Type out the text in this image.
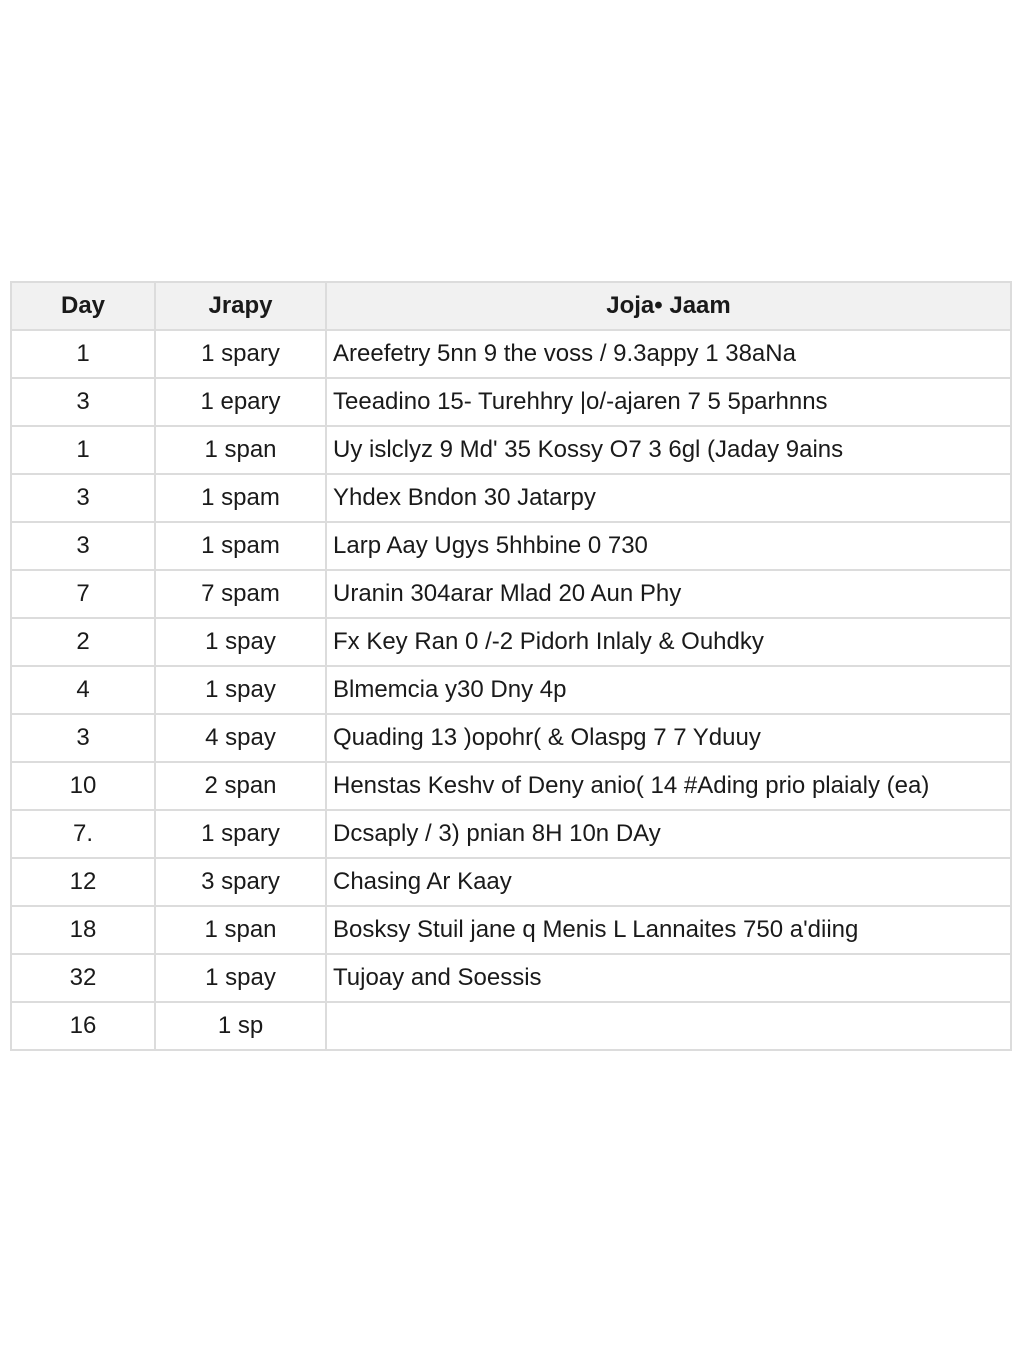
Day	Jrapy	Joja• Jaam
1	1 spary	Areefetry 5nn 9 the voss / 9.3appy 1 38aNa
3	1 epary	Teeadino 15- Turehhry |o/-ajaren 7 5 5parhnns
1	1 span	Uy islclyz 9 Md' 35 Kossy O7 3 6gl (Jaday 9ains
3	1 spam	Yhdex Bndon 30 Jatarpy
3	1 spam	Larp Aay Ugys 5hhbine 0 730
7	7 spam	Uranin 304arar Mlad 20 Aun Phy
2	1 spay	Fx Key Ran 0 /-2 Pidorh Inlaly & Ouhdky
4	1 spay	Blmemcia y30 Dny 4p
3	4 spay	Quading 13 )opohr( & Olaspg 7 7 Yduuy
10	2 span	Henstas Keshv of Deny anio( 14 #Ading prio plaialy (ea)
7.	1 spary	Dcsaply / 3) pnian 8H 10n DAy
12	3 spary	Chasing Ar Kaay
18	1 span	Bosksy Stuil jane q Menis L Lannaites 750 a'diing
32	1 spay	Tujoay and Soessis
16	1 sp	
